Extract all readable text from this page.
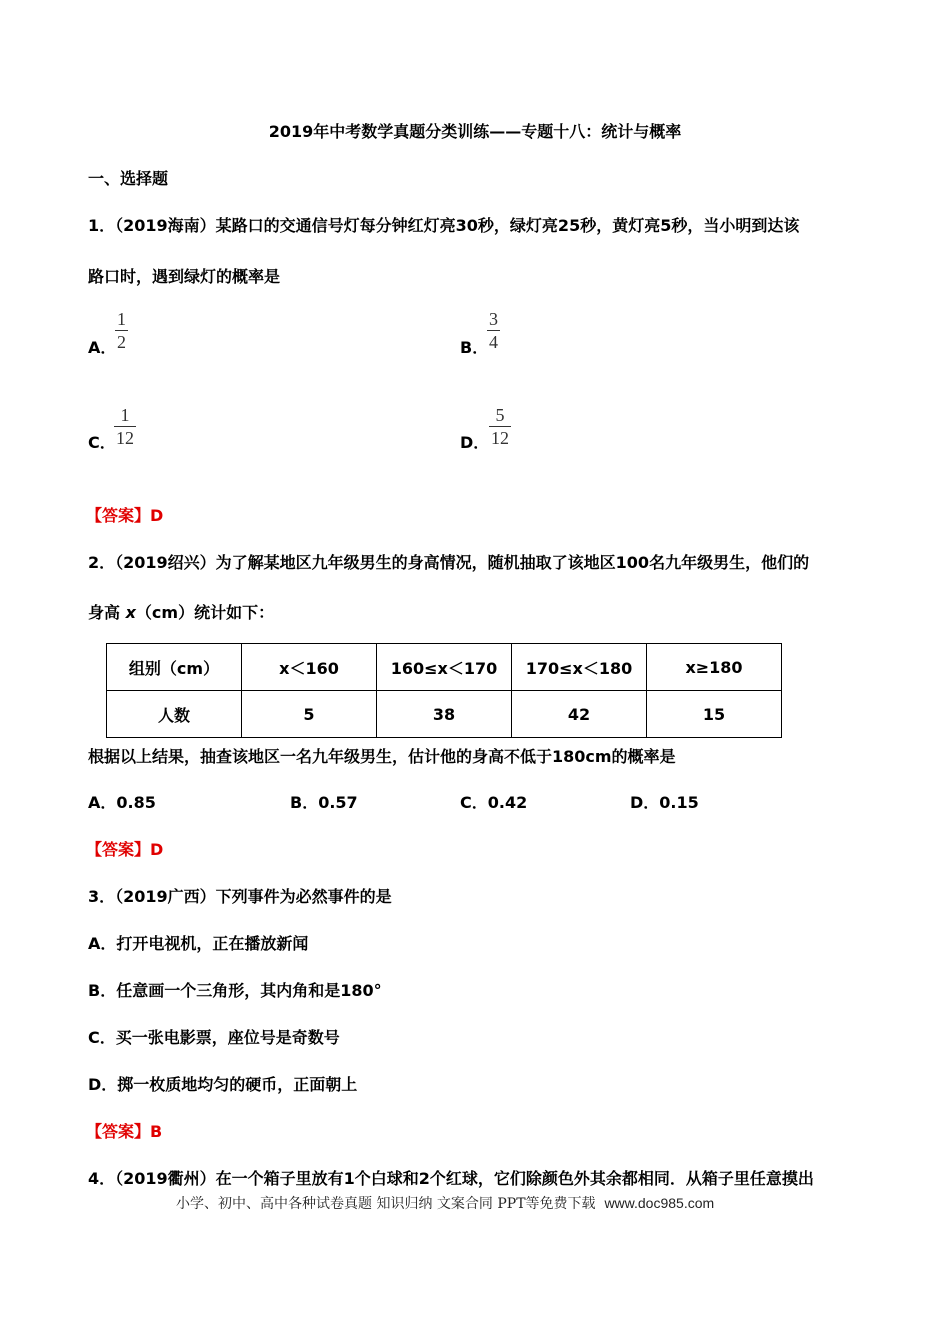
2019年中考数学真题分类训练——专题十八：统计与概率
一、选择题
1．（2019海南）某路口的交通信号灯每分钟红灯亮30秒，绿灯亮25秒，黄灯亮5秒，当小明到达该
路口时，遇到绿灯的概率是
A．
1
2	B．
3
4
C．
1
12	D．
5
12
【答案】D
2．（2019绍兴）为了解某地区九年级男生的身高情况，随机抽取了该地区100名九年级男生，他们的
身高 x（cm）统计如下：
组别（cm）	x＜160	160≤x＜170	170≤x＜180	x≥180
人数	5	38	42	15
根据以上结果，抽查该地区一名九年级男生，估计他的身高不低于180cm的概率是
A．0.85	B．0.57	C．0.42	D．0.15
【答案】D
3．（2019广西）下列事件为必然事件的是
A．打开电视机，正在播放新闻
B．任意画一个三角形，其内角和是180°
C．买一张电影票，座位号是奇数号
D．掷一枚质地均匀的硬币，正面朝上
【答案】B
4．（2019衢州）在一个箱子里放有1个白球和2个红球，它们除颜色外其余都相同．从箱子里任意摸出
小学、初中、高中各种试卷真题 知识归纳 文案合同 PPT等免费下载 www.doc985.com
